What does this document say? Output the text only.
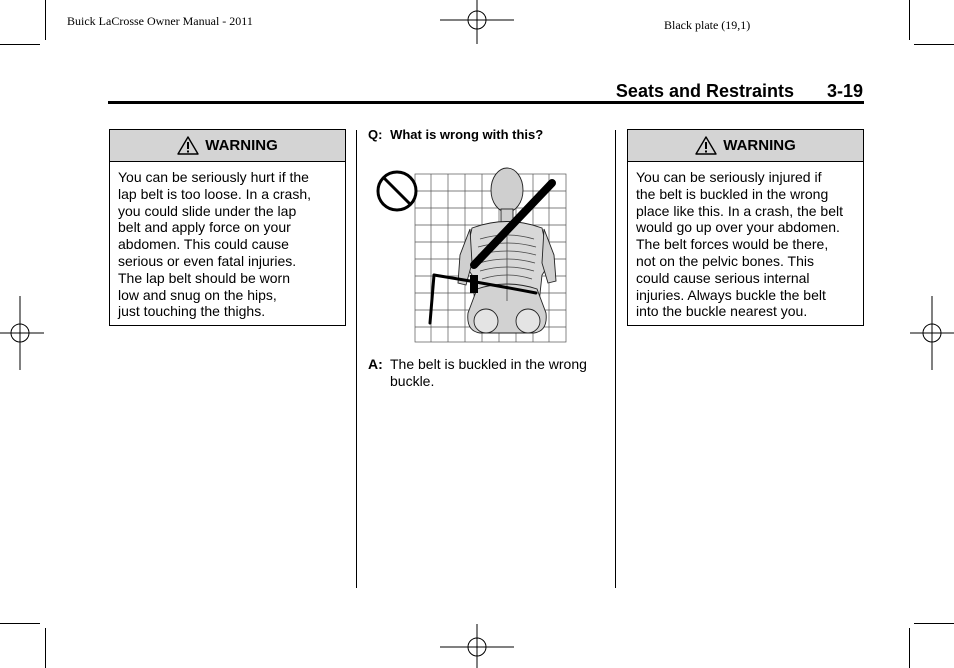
Buick LaCrosse Owner Manual - 2011	Black plate (19,1)
Seats and Restraints 3-19
WARNING
You can be seriously hurt if the
lap belt is too loose. In a crash,
you could slide under the lap
belt and apply force on your
abdomen. This could cause
serious or even fatal injuries.
The lap belt should be worn
low and snug on the hips,
just touching the thighs.
Q: What is wrong with this?
A: The belt is buckled in the wrong
buckle.
WARNING
You can be seriously injured if
the belt is buckled in the wrong
place like this. In a crash, the belt
would go up over your abdomen.
The belt forces would be there,
not on the pelvic bones. This
could cause serious internal
injuries. Always buckle the belt
into the buckle nearest you.
